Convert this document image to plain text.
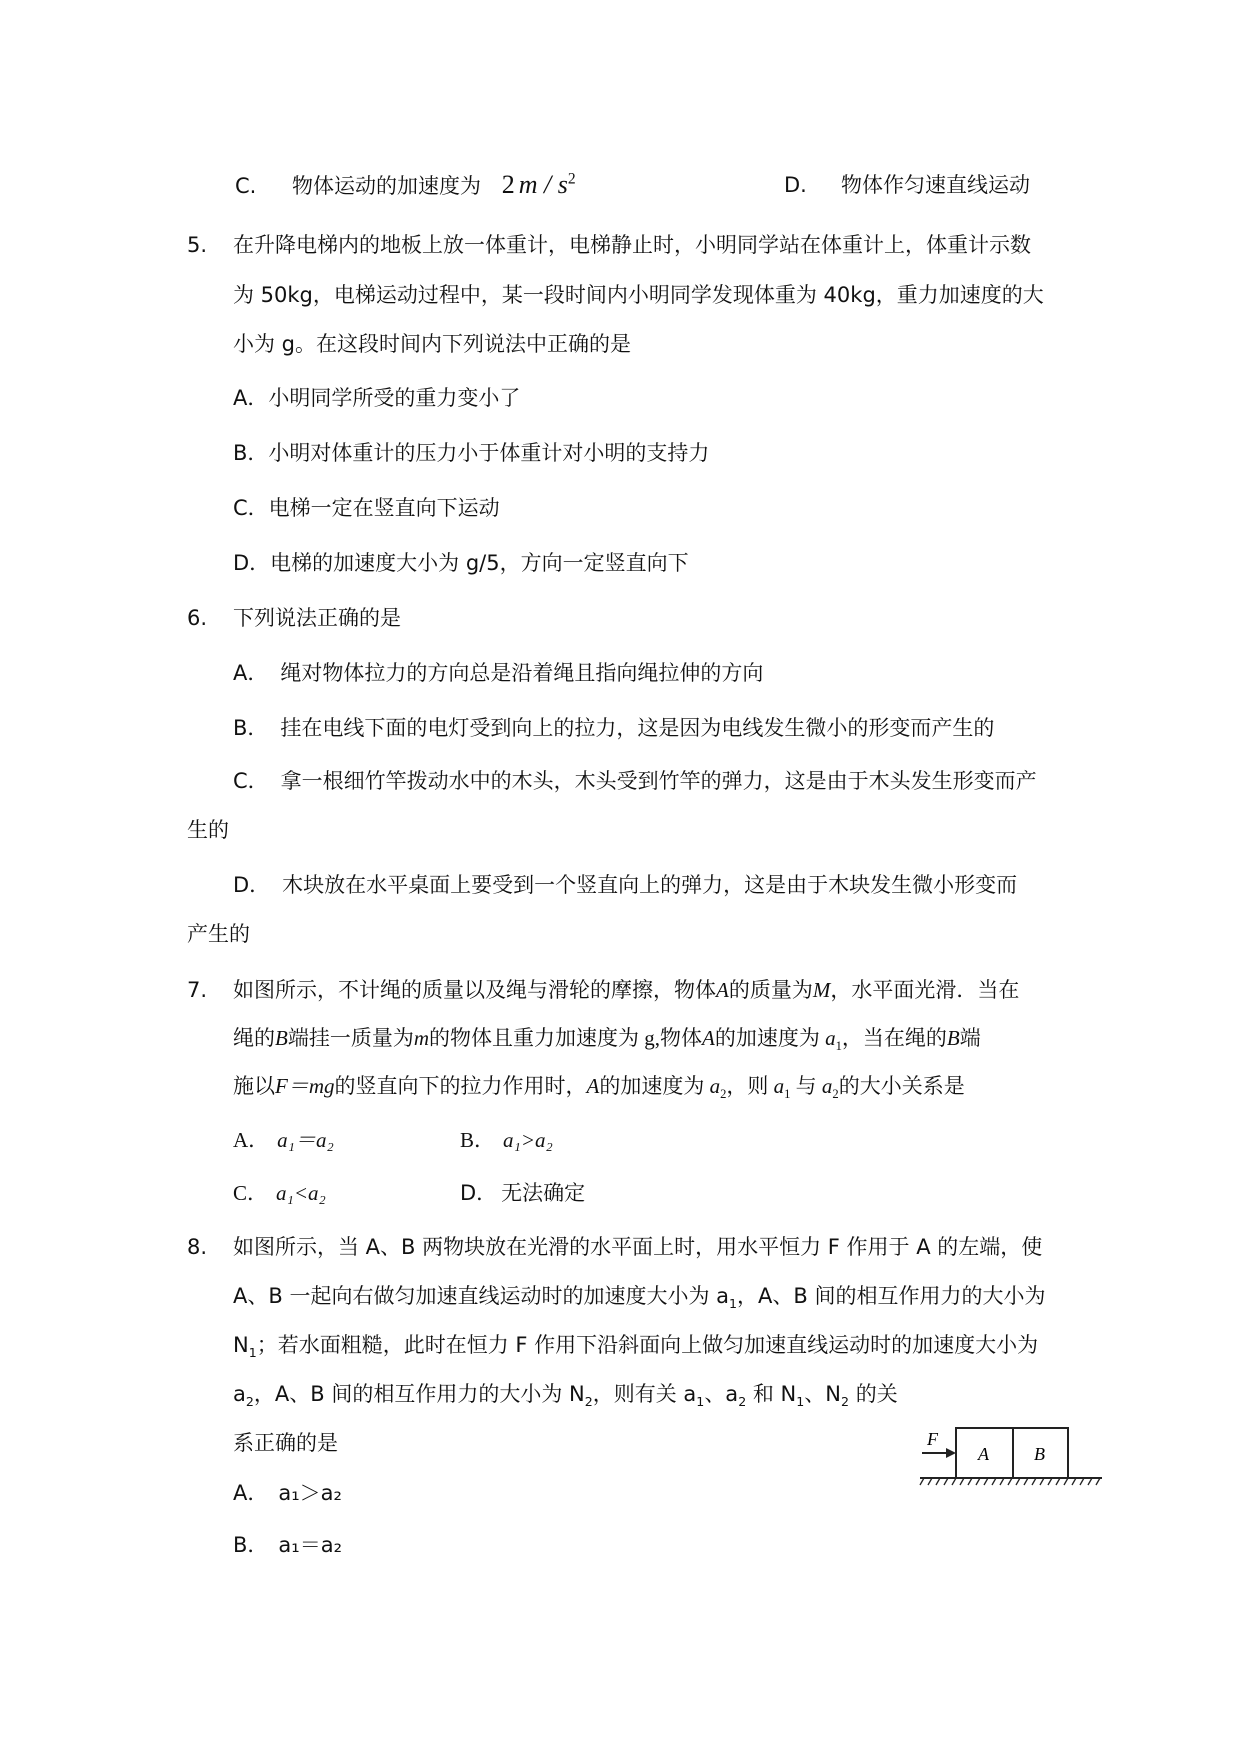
C. 物体运动的加速度为 2 m / $s^2$	D. 物体作匀速直线运动
5. 在升降电梯内的地板上放一体重计，电梯静止时，小明同学站在体重计上，体重计示数
为 50kg，电梯运动过程中，某一段时间内小明同学发现体重为 40kg，重力加速度的大
小为 g。在这段时间内下列说法中正确的是
A．小明同学所受的重力变小了
B．小明对体重计的压力小于体重计对小明的支持力
C．电梯一定在竖直向下运动
D．电梯的加速度大小为 g/5，方向一定竖直向下
6. 下列说法正确的是
A． 绳对物体拉力的方向总是沿着绳且指向绳拉伸的方向
B． 挂在电线下面的电灯受到向上的拉力，这是因为电线发生微小的形变而产生的
C． 拿一根细竹竿拨动水中的木头，木头受到竹竿的弹力，这是由于木头发生形变而产
生的
D． 木块放在水平桌面上要受到一个竖直向上的弹力，这是由于木块发生微小形变而
产生的
7. 如图所示，不计绳的质量以及绳与滑轮的摩擦，物体A的质量为M，水平面光滑．当在
绳的B端挂一质量为m的物体且重力加速度为 g,物体A的加速度为 $a_1$，当在绳的B端
施以F＝mg的竖直向下的拉力作用时，A的加速度为 $a_2$，则 $a_1$ 与 $a_2$的大小关系是
A． a₁＝a₂	B． a₁>a₂
C． a₁<a₂	D． 无法确定
8. 如图所示，当 A、B 两物块放在光滑的水平面上时，用水平恒力 F 作用于 A 的左端，使
A、B 一起向右做匀加速直线运动时的加速度大小为 $a_1$，A、B 间的相互作用力的大小为
$N_1$；若水面粗糙，此时在恒力 F 作用下沿斜面向上做匀加速直线运动时的加速度大小为
$a_2$，A、B 间的相互作用力的大小为 $N_2$，则有关 $a_1$、$a_2$ 和 $N_1$、$N_2$ 的关
系正确的是
A． a₁＞a₂
B． a₁＝a₂
F
A	B
